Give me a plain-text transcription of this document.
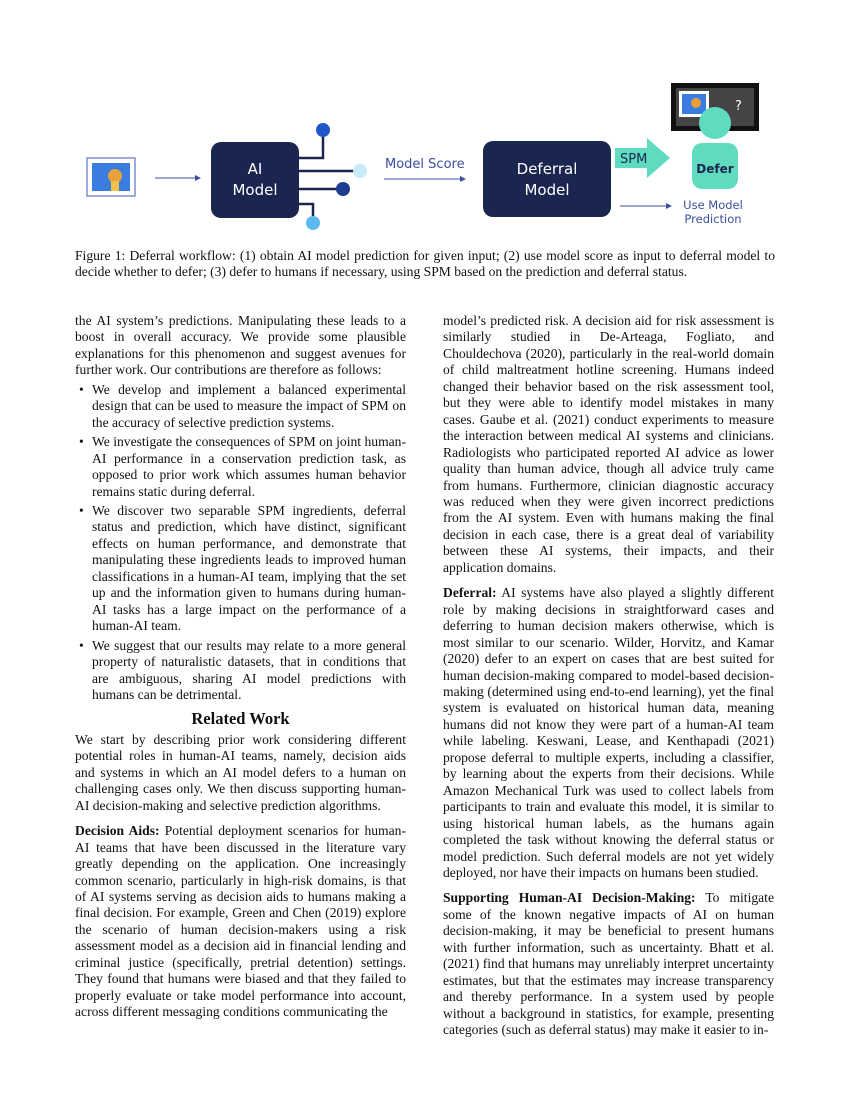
AI
Model
Model Score	Deferral
Model
SPM
?
Defer
Use Model
Prediction
Figure 1: Deferral workflow: (1) obtain AI model prediction for given input; (2) use model score as input to deferral model to decide whether to defer; (3) defer to humans if necessary, using SPM based on the prediction and deferral status.

the AI system’s predictions. Manipulating these leads to a boost in overall accuracy. We provide some plausible explanations for this phenomenon and suggest avenues for further work. Our contributions are therefore as follows:

• We develop and implement a balanced experimental design that can be used to measure the impact of SPM on the accuracy of selective prediction systems.
• We investigate the consequences of SPM on joint human-AI performance in a conservation prediction task, as opposed to prior work which assumes human behavior remains static during deferral.
• We discover two separable SPM ingredients, deferral status and prediction, which have distinct, significant effects on human performance, and demonstrate that manipulating these ingredients leads to improved human classifications in a human-AI team, implying that the set up and the information given to humans during human-AI tasks has a large impact on the performance of a human-AI team.
• We suggest that our results may relate to a more general property of naturalistic datasets, that in conditions that are ambiguous, sharing AI model predictions with humans can be detrimental.
Related Work

We start by describing prior work considering different potential roles in human-AI teams, namely, decision aids and systems in which an AI model defers to a human on challenging cases only. We then discuss supporting human-AI decision-making and selective prediction algorithms.

Decision Aids: Potential deployment scenarios for human-AI teams that have been discussed in the literature vary greatly depending on the application. One increasingly common scenario, particularly in high-risk domains, is that of AI systems serving as decision aids to humans making a final decision. For example, Green and Chen (2019) explore the scenario of human decision-makers using a risk assessment model as a decision aid in financial lending and criminal justice (specifically, pretrial detention) settings. They found that humans were biased and that they failed to properly evaluate or take model performance into account, across different messaging conditions communicating the

model’s predicted risk. A decision aid for risk assessment is similarly studied in De-Arteaga, Fogliato, and Chouldechova (2020), particularly in the real-world domain of child maltreatment hotline screening. Humans indeed changed their behavior based on the risk assessment tool, but they were able to identify model mistakes in many cases. Gaube et al. (2021) conduct experiments to measure the interaction between medical AI systems and clinicians. Radiologists who participated reported AI advice as lower quality than human advice, though all advice truly came from humans. Furthermore, clinician diagnostic accuracy was reduced when they were given incorrect predictions from the AI system. Even with humans making the final decision in each case, there is a great deal of variability between these AI systems, their impacts, and their application domains.

Deferral: AI systems have also played a slightly different role by making decisions in straightforward cases and deferring to human decision makers otherwise, which is most similar to our scenario. Wilder, Horvitz, and Kamar (2020) defer to an expert on cases that are best suited for human decision-making compared to model-based decision-making (determined using end-to-end learning), yet the final system is evaluated on historical human data, meaning humans did not know they were part of a human-AI team while labeling. Keswani, Lease, and Kenthapadi (2021) propose deferral to multiple experts, including a classifier, by learning about the experts from their decisions. While Amazon Mechanical Turk was used to collect labels from participants to train and evaluate this model, it is similar to using historical human labels, as the humans again completed the task without knowing the deferral status or model prediction. Such deferral models are not yet widely deployed, nor have their impacts on humans been studied.

Supporting Human-AI Decision-Making: To mitigate some of the known negative impacts of AI on human decision-making, it may be beneficial to present humans with further information, such as uncertainty. Bhatt et al. (2021) find that humans may unreliably interpret uncertainty estimates, but that the estimates may increase transparency and thereby performance. In a system used by people without a background in statistics, for example, presenting categories (such as deferral status) may make it easier to in-
